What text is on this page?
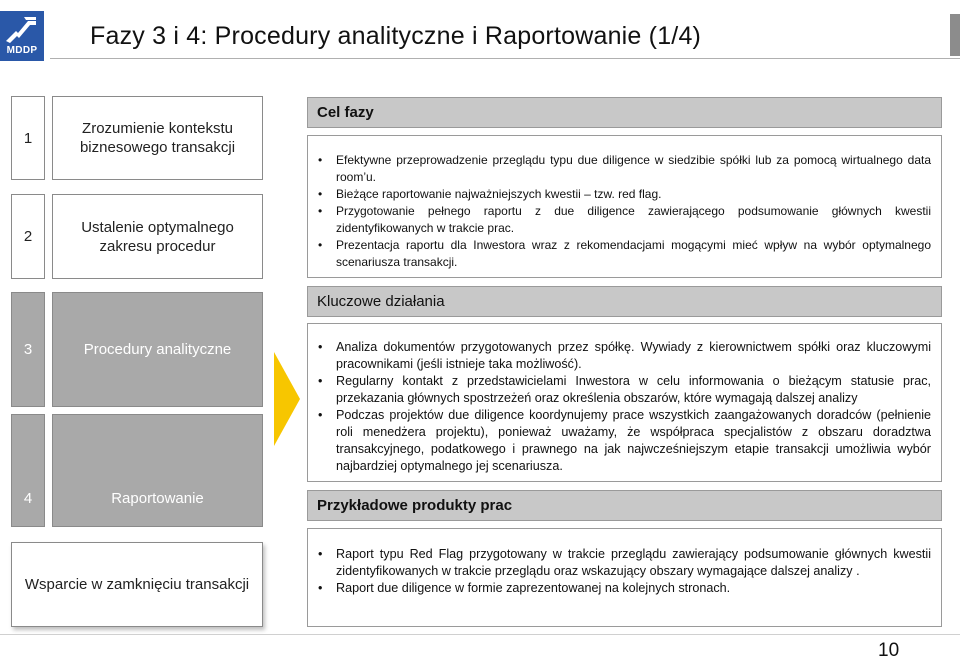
MDDP
Fazy 3 i 4: Procedury analityczne i Raportowanie (1/4)
1
Zrozumienie kontekstu biznesowego transakcji
2
Ustalenie optymalnego zakresu procedur
3	Procedury analityczne
4	Raportowanie
Wsparcie w zamknięciu transakcji
Cel fazy
• Efektywne przeprowadzenie przeglądu typu due diligence w siedzibie spółki lub za pomocą wirtualnego data room’u.
• Bieżące raportowanie najważniejszych kwestii – tzw. red flag.
• Przygotowanie pełnego raportu z due diligence zawierającego podsumowanie głównych kwestii zidentyfikowanych w trakcie prac.
• Prezentacja raportu dla Inwestora wraz z rekomendacjami mogącymi mieć wpływ na wybór optymalnego scenariusza transakcji.
Kluczowe działania
• Analiza dokumentów przygotowanych przez spółkę. Wywiady z kierownictwem spółki oraz kluczowymi pracownikami (jeśli istnieje taka możliwość).
• Regularny kontakt z przedstawicielami Inwestora w celu informowania o bieżącym statusie prac, przekazania głównych spostrzeżeń oraz określenia obszarów, które wymagają dalszej analizy
• Podczas projektów due diligence koordynujemy prace wszystkich zaangażowanych doradców (pełnienie roli menedżera projektu), ponieważ uważamy, że współpraca specjalistów z obszaru doradztwa transakcyjnego, podatkowego i prawnego na jak najwcześniejszym etapie transakcji umożliwia wybór najbardziej optymalnego jej scenariusza.
Przykładowe produkty prac
• Raport typu Red Flag przygotowany w trakcie przeglądu zawierający podsumowanie głównych kwestii zidentyfikowanych w trakcie przeglądu oraz wskazujący obszary wymagające dalszej analizy .
• Raport due diligence w formie zaprezentowanej na kolejnych stronach.
10
